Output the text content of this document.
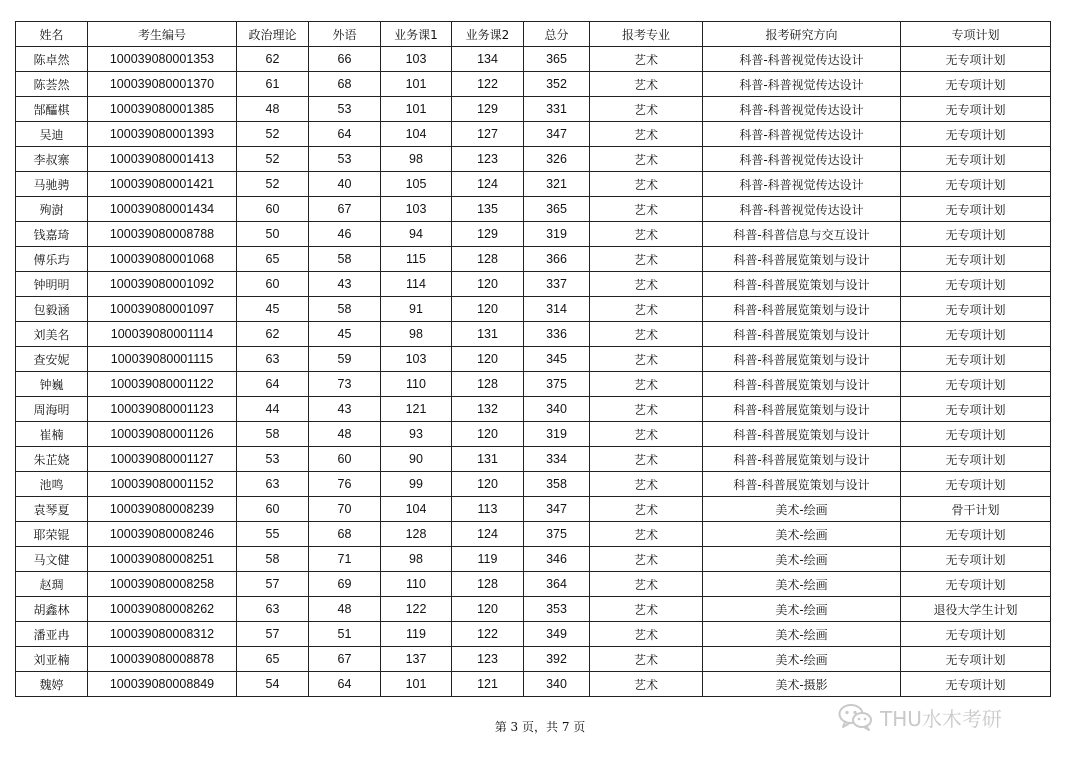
姓名	考生编号	政治理论	外语	业务课1	业务课2	总分	报考专业	报考研究方向	专项计划
陈卓然	100039080001353	62	66	103	134	365	艺术	科普-科普视觉传达设计	无专项计划
陈荟然	100039080001370	61	68	101	122	352	艺术	科普-科普视觉传达设计	无专项计划
郜醽棋	100039080001385	48	53	101	129	331	艺术	科普-科普视觉传达设计	无专项计划
吴迪	100039080001393	52	64	104	127	347	艺术	科普-科普视觉传达设计	无专项计划
李叔寨	100039080001413	52	53	98	123	326	艺术	科普-科普视觉传达设计	无专项计划
马驰骋	100039080001421	52	40	105	124	321	艺术	科普-科普视觉传达设计	无专项计划
殉澍	100039080001434	60	67	103	135	365	艺术	科普-科普视觉传达设计	无专项计划
钱嘉琦	100039080008788	50	46	94	129	319	艺术	科普-科普信息与交互设计	无专项计划
傅乐玙	100039080001068	65	58	115	128	366	艺术	科普-科普展览策划与设计	无专项计划
钟明明	100039080001092	60	43	114	120	337	艺术	科普-科普展览策划与设计	无专项计划
包毅涵	100039080001097	45	58	91	120	314	艺术	科普-科普展览策划与设计	无专项计划
刘美名	100039080001114	62	45	98	131	336	艺术	科普-科普展览策划与设计	无专项计划
查安妮	100039080001115	63	59	103	120	345	艺术	科普-科普展览策划与设计	无专项计划
钟巍	100039080001122	64	73	110	128	375	艺术	科普-科普展览策划与设计	无专项计划
周海明	100039080001123	44	43	121	132	340	艺术	科普-科普展览策划与设计	无专项计划
崔楠	100039080001126	58	48	93	120	319	艺术	科普-科普展览策划与设计	无专项计划
朱芷娆	100039080001127	53	60	90	131	334	艺术	科普-科普展览策划与设计	无专项计划
池鸣	100039080001152	63	76	99	120	358	艺术	科普-科普展览策划与设计	无专项计划
袁琴夏	100039080008239	60	70	104	113	347	艺术	美术-绘画	骨干计划
耶荣锟	100039080008246	55	68	128	124	375	艺术	美术-绘画	无专项计划
马文健	100039080008251	58	71	98	119	346	艺术	美术-绘画	无专项计划
赵琱	100039080008258	57	69	110	128	364	艺术	美术-绘画	无专项计划
胡鑫林	100039080008262	63	48	122	120	353	艺术	美术-绘画	退役大学生计划
潘亚冉	100039080008312	57	51	119	122	349	艺术	美术-绘画	无专项计划
刘亚楠	100039080008878	65	67	137	123	392	艺术	美术-绘画	无专项计划
魏婷	100039080008849	54	64	101	121	340	艺术	美术-摄影	无专项计划
第 3 页，共 7 页	THU水木考研
